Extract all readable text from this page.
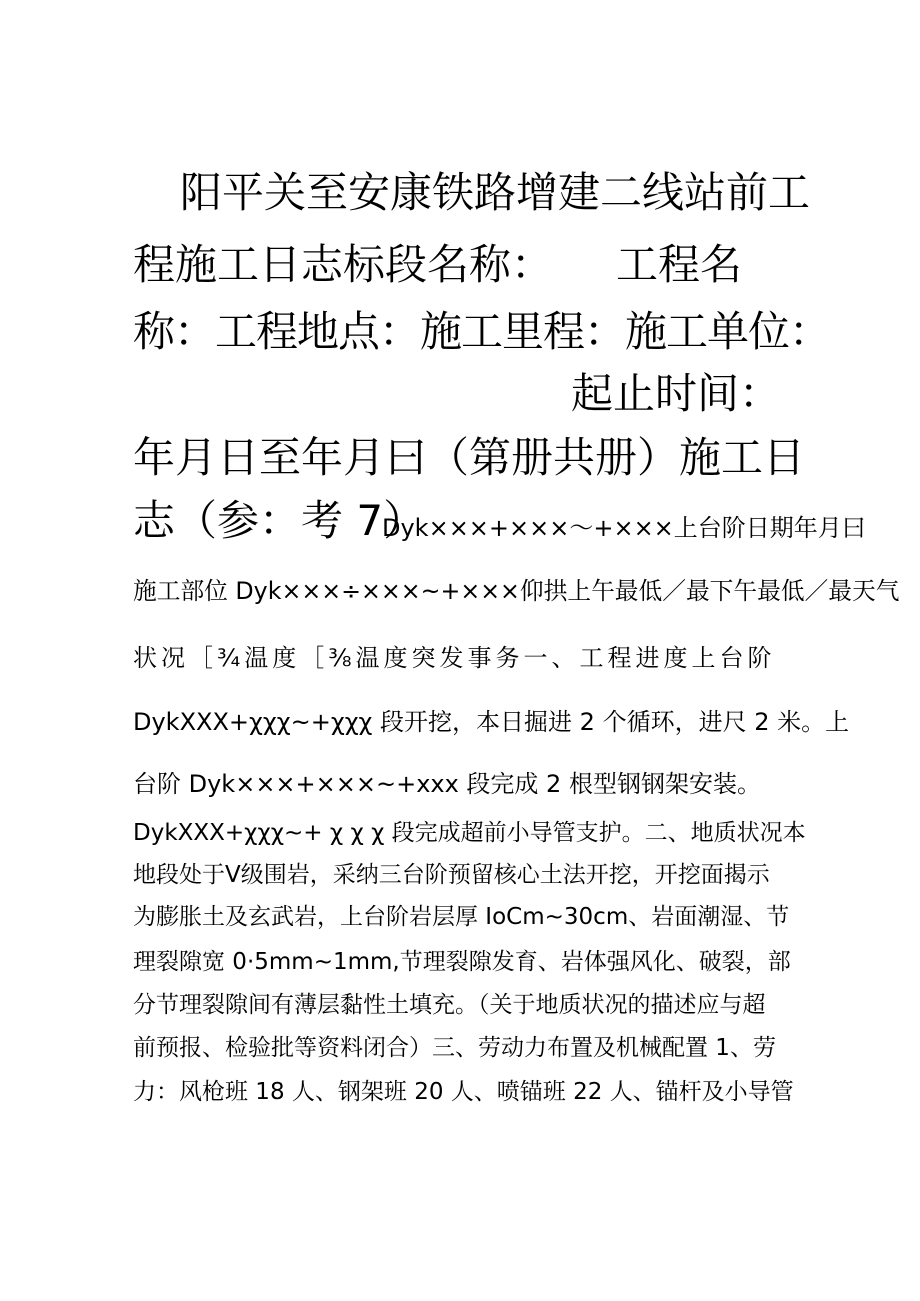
阳平关至安康铁路增建二线站前工

程施工日志标段名称：　　工程名

称：工程地点：施工里程：施工单位：

起止时间：

年月日至年月曰（第册共册）施工日

志（参：考 7）

Dyk×××+×××～+×××上台阶日期年月曰

施工部位 Dyk×××÷×××~+×××仰拱上午最低／最下午最低／最天气

状况［¾温度［⅜温度突发事务一、工程进度上台阶

DykXXX+χχχ~+χχχ 段开挖，本日掘进 2 个循环，进尺 2 米。上

台阶 Dyk×××+×××~+xxx 段完成 2 根型钢钢架安装。

DykXXX+χχχ~+ χ χ χ 段完成超前小导管支护。二、地质状况本

地段处于Ⅴ级围岩，采纳三台阶预留核心土法开挖，开挖面揭示

为膨胀土及玄武岩，上台阶岩层厚 IoCm~30cm、岩面潮湿、节

理裂隙宽 0·5mm~1mm,节理裂隙发育、岩体强风化、破裂，部

分节理裂隙间有薄层黏性土填充。（关于地质状况的描述应与超

前预报、检验批等资料闭合）三、劳动力布置及机械配置 1、劳

力：风枪班 18 人、钢架班 20 人、喷锚班 22 人、锚杆及小导管
